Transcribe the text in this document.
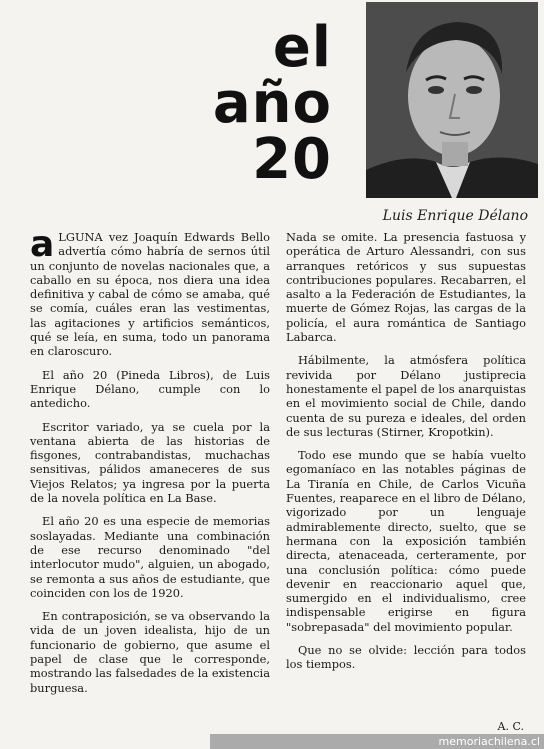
el
año
20
Luis Enrique Délano

aLGUNA vez Joaquín Edwards Bello advertía cómo habría de sernos útil un conjunto de novelas nacionales que, a caballo en su época, nos diera una idea definitiva y cabal de cómo se amaba, qué se comía, cuáles eran las vestimentas, las agitaciones y artificios semánticos, qué se leía, en suma, todo un panorama en claroscuro.

El año 20 (Pineda Libros), de Luis Enrique Délano, cumple con lo antedicho.

Escritor variado, ya se cuela por la ventana abierta de las historias de fisgones, contrabandistas, muchachas sensitivas, pálidos amaneceres de sus Viejos Relatos; ya ingresa por la puerta de la novela política en La Base.

El año 20 es una especie de memorias soslayadas. Mediante una combinación de ese recurso denominado "del interlocutor mudo", alguien, un abogado, se remonta a sus años de estudiante, que coinciden con los de 1920.

En contraposición, se va observando la vida de un joven idealista, hijo de un funcionario de gobierno, que asume el papel de clase que le corresponde, mostrando las falsedades de la existencia burguesa.

Nada se omite. La presencia fastuosa y operática de Arturo Alessandri, con sus arranques retóricos y sus supuestas contribuciones populares. Recabarren, el asalto a la Federación de Estudiantes, la muerte de Gómez Rojas, las cargas de la policía, el aura romántica de Santiago Labarca.

Hábilmente, la atmósfera política revivida por Délano justiprecia honestamente el papel de los anarquistas en el movimiento social de Chile, dando cuenta de su pureza e ideales, del orden de sus lecturas (Stirner, Kropotkin).

Todo ese mundo que se había vuelto egomaníaco en las notables páginas de La Tiranía en Chile, de Carlos Vicuña Fuentes, reaparece en el libro de Délano, vigorizado por un lenguaje admirablemente directo, suelto, que se hermana con la exposición también directa, atenaceada, certeramente, por una conclusión política: cómo puede devenir en reaccionario aquel que, sumergido en el individualismo, cree indispensable erigirse en figura "sobrepasada" del movimiento popular.

Que no se olvide: lección para todos los tiempos.

A. C.
memoriachilena.cl
